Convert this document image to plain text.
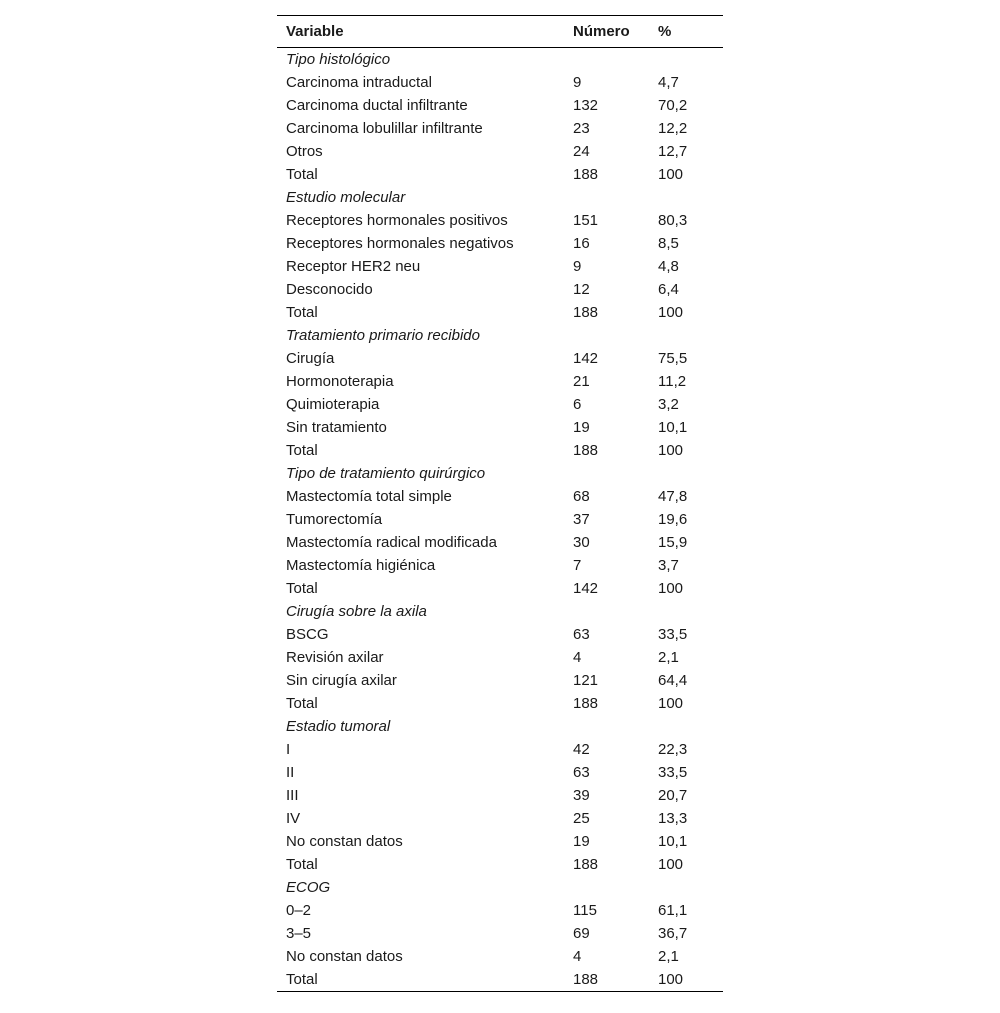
Variable	Número	%
Tipo histológico		
Carcinoma intraductal	9	4,7
Carcinoma ductal infiltrante	132	70,2
Carcinoma lobulillar infiltrante	23	12,2
Otros	24	12,7
Total	188	100
Estudio molecular		
Receptores hormonales positivos	151	80,3
Receptores hormonales negativos	16	8,5
Receptor HER2 neu	9	4,8
Desconocido	12	6,4
Total	188	100
Tratamiento primario recibido		
Cirugía	142	75,5
Hormonoterapia	21	11,2
Quimioterapia	6	3,2
Sin tratamiento	19	10,1
Total	188	100
Tipo de tratamiento quirúrgico		
Mastectomía total simple	68	47,8
Tumorectomía	37	19,6
Mastectomía radical modificada	30	15,9
Mastectomía higiénica	7	3,7
Total	142	100
Cirugía sobre la axila		
BSCG	63	33,5
Revisión axilar	4	2,1
Sin cirugía axilar	121	64,4
Total	188	100
Estadio tumoral		
I	42	22,3
II	63	33,5
III	39	20,7
IV	25	13,3
No constan datos	19	10,1
Total	188	100
ECOG		
0–2	115	61,1
3–5	69	36,7
No constan datos	4	2,1
Total	188	100
